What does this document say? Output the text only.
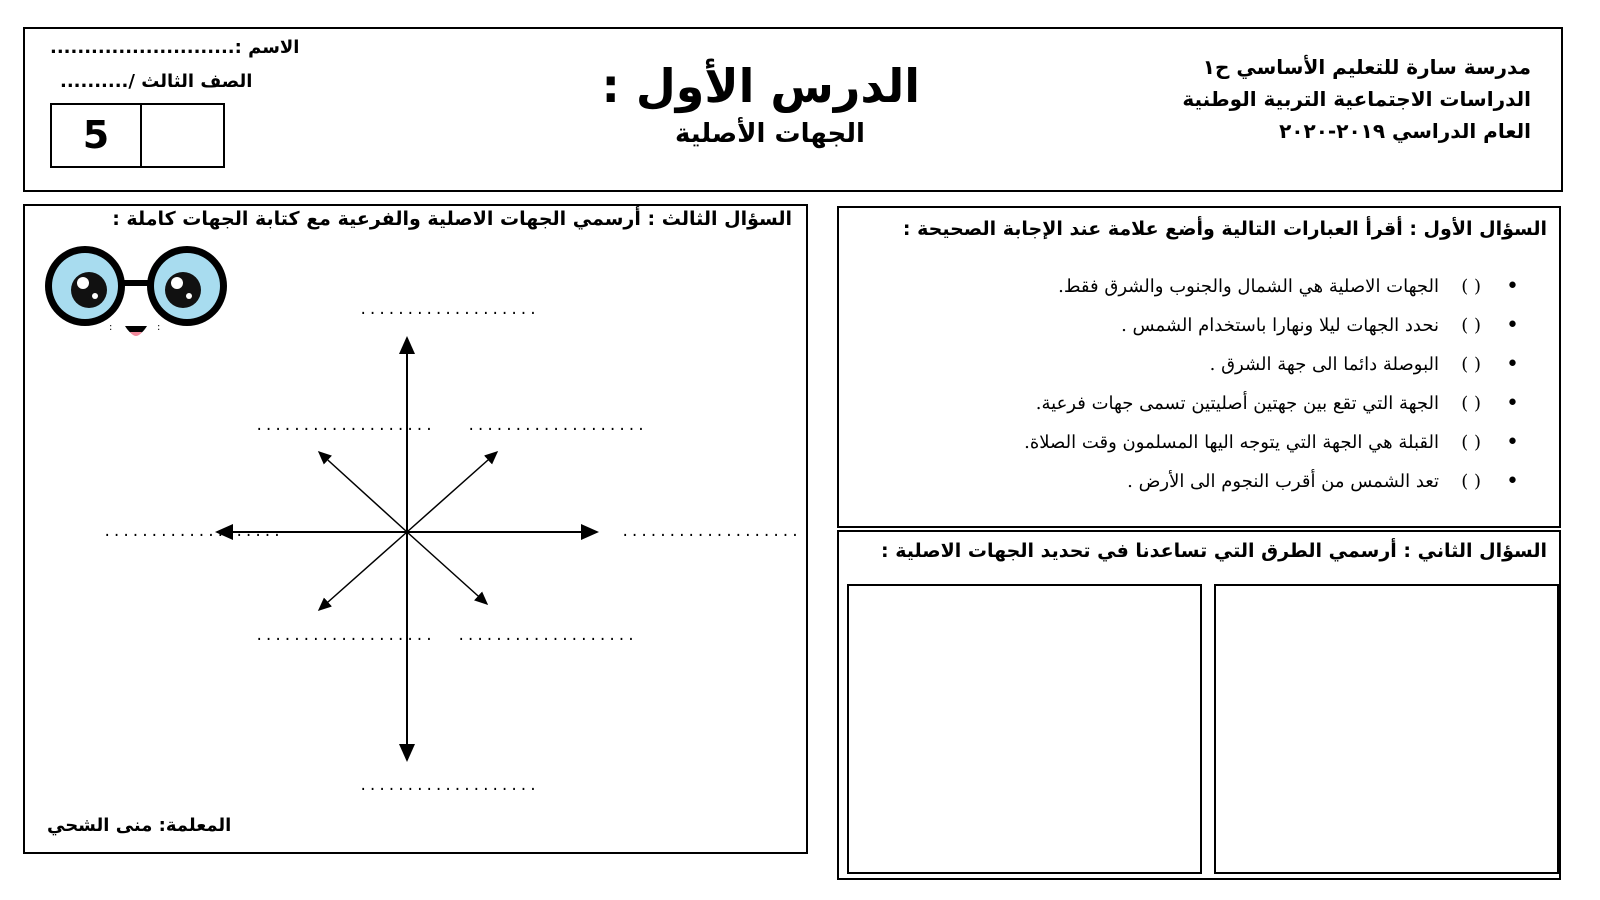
مدرسة سارة للتعليم الأساسي ح١
الدراسات الاجتماعية التربية الوطنية
العام الدراسي ٢٠١٩-٢٠٢٠
الدرس الأول :
الجهات الأصلية
الاسم :...........................
الصف الثالث /..........
5
السؤال الأول : أقرأ العبارات التالية وأضع علامة عند الإجابة الصحيحة :
•
( )
الجهات الاصلية هي الشمال والجنوب والشرق فقط.
•
( )
نحدد الجهات ليلا ونهارا باستخدام الشمس .
•
( )
البوصلة دائما الى جهة الشرق .
•
( )
الجهة التي تقع بين جهتين أصليتين تسمى جهات فرعية.
•
( )
القبلة هي الجهة التي يتوجه اليها المسلمون وقت الصلاة.
•
( )
تعد الشمس من أقرب النجوم الى الأرض .
السؤال الثاني : أرسمي الطرق التي تساعدنا في تحديد الجهات الاصلية :
السؤال الثالث : أرسمي الجهات الاصلية والفرعية مع كتابة الجهات كاملة :
:	:
...................
................... ...................
...................	...................
................... ...................
...................
المعلمة: منى الشحي
